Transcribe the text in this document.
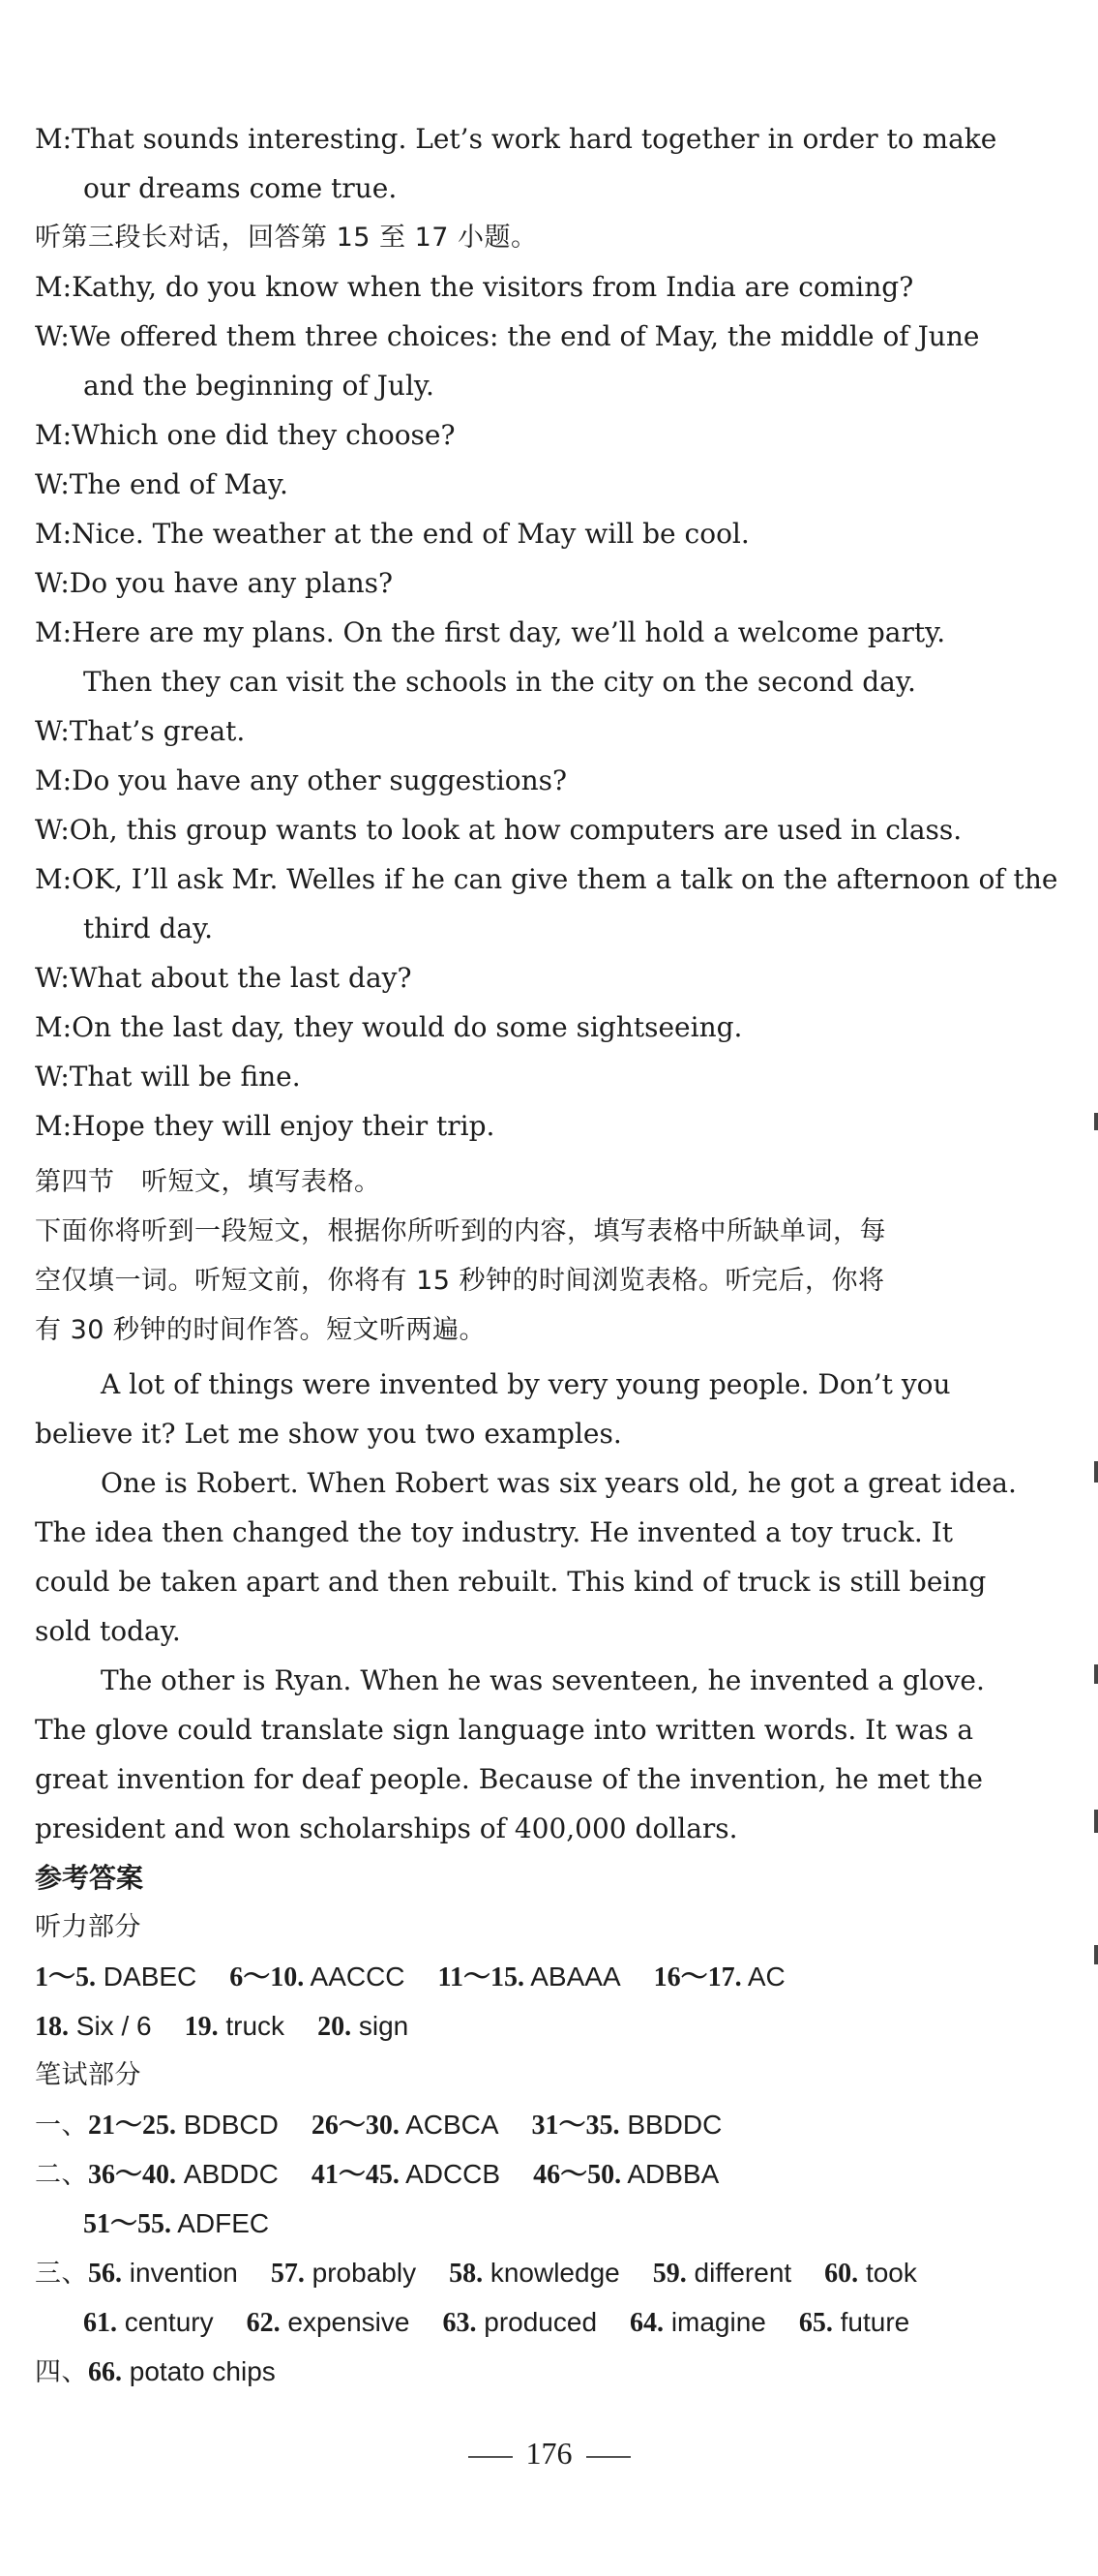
M:That sounds interesting. Let’s work hard together in order to make
our dreams come true.
听第三段长对话，回答第 15 至 17 小题。
M:Kathy, do you know when the visitors from India are coming?
W:We offered them three choices: the end of May, the middle of June
and the beginning of July.
M:Which one did they choose?
W:The end of May.
M:Nice. The weather at the end of May will be cool.
W:Do you have any plans?
M:Here are my plans. On the first day, we’ll hold a welcome party.
Then they can visit the schools in the city on the second day.
W:That’s great.
M:Do you have any other suggestions?
W:Oh, this group wants to look at how computers are used in class.
M:OK, I’ll ask Mr. Welles if he can give them a talk on the afternoon of the
third day.
W:What about the last day?
M:On the last day, they would do some sightseeing.
W:That will be fine.
M:Hope they will enjoy their trip.
第四节　听短文，填写表格。
下面你将听到一段短文，根据你所听到的内容，填写表格中所缺单词，每
空仅填一词。听短文前，你将有 15 秒钟的时间浏览表格。听完后，你将
有 30 秒钟的时间作答。短文听两遍。
A lot of things were invented by very young people. Don’t you
believe it? Let me show you two examples.
One is Robert. When Robert was six years old, he got a great idea.
The idea then changed the toy industry. He invented a toy truck. It
could be taken apart and then rebuilt. This kind of truck is still being
sold today.
The other is Ryan. When he was seventeen, he invented a glove.
The glove could translate sign language into written words. It was a
great invention for deaf people. Because of the invention, he met the
president and won scholarships of 400,000 dollars.
参考答案
听力部分
1～5. DABEC 6～10. AACCC 11～15. ABAAA 16～17. AC
18. Six / 6 19. truck 20. sign
笔试部分
一、21～25. BDBCD 26～30. ACBCA 31～35. BBDDC
二、36～40. ABDDC 41～45. ADCCB 46～50. ADBBA
51～55. ADFEC
三、56. invention 57. probably 58. knowledge 59. different 60. took
61. century 62. expensive 63. produced 64. imagine 65. future
四、66. potato chips
176
